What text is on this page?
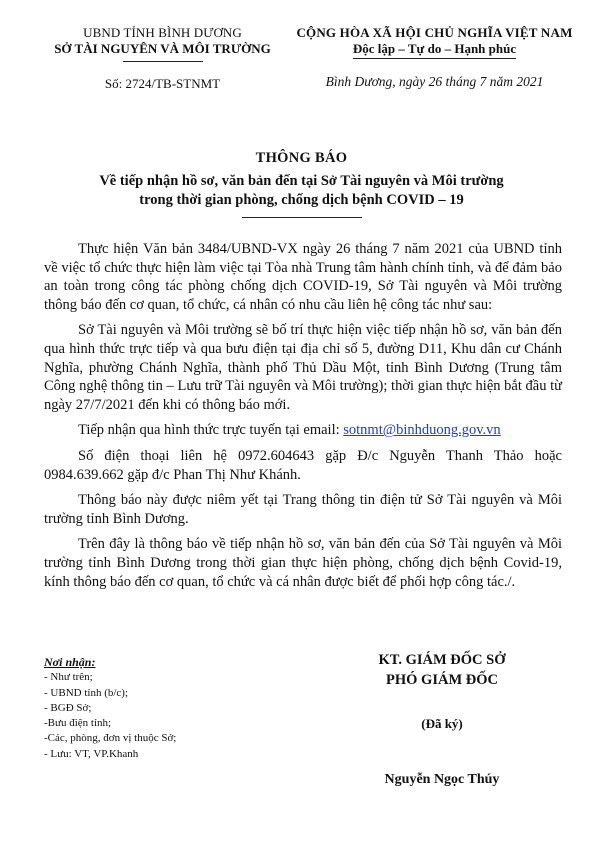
UBND TỈNH BÌNH DƯƠNG
SỞ TÀI NGUYÊN VÀ MÔI TRƯỜNG
Số: 2724/TB-STNMT
CỘNG HÒA XÃ HỘI CHỦ NGHĨA VIỆT NAM
Độc lập – Tự do – Hạnh phúc
Bình Dương, ngày 26 tháng 7 năm 2021
THÔNG BÁO
Về tiếp nhận hồ sơ, văn bản đến tại Sở Tài nguyên và Môi trường
trong thời gian phòng, chống dịch bệnh COVID – 19

Thực hiện Văn bản 3484/UBND-VX ngày 26 tháng 7 năm 2021 của UBND tỉnh về việc tổ chức thực hiện làm việc tại Tòa nhà Trung tâm hành chính tỉnh, và để đảm bảo an toàn trong công tác phòng chống dịch COVID-19, Sở Tài nguyên và Môi trường thông báo đến cơ quan, tổ chức, cá nhân có nhu cầu liên hệ công tác như sau:

Sở Tài nguyên và Môi trường sẽ bố trí thực hiện việc tiếp nhận hồ sơ, văn bản đến qua hình thức trực tiếp và qua bưu điện tại địa chỉ số 5, đường D11, Khu dân cư Chánh Nghĩa, phường Chánh Nghĩa, thành phố Thủ Dầu Một, tỉnh Bình Dương (Trung tâm Công nghệ thông tin – Lưu trữ Tài nguyên và Môi trường); thời gian thực hiện bắt đầu từ ngày 27/7/2021 đến khi có thông báo mới.

Tiếp nhận qua hình thức trực tuyến tại email: sotnmt@binhduong.gov.vn

Số điện thoại liên hệ 0972.604643 gặp Đ/c Nguyễn Thanh Thảo hoặc 0984.639.662 gặp đ/c Phan Thị Như Khánh.

Thông báo này được niêm yết tại Trang thông tin điện tử Sở Tài nguyên và Môi trường tỉnh Bình Dương.

Trên đây là thông báo về tiếp nhận hồ sơ, văn bản đến của Sở Tài nguyên và Môi trường tỉnh Bình Dương trong thời gian thực hiện phòng, chống dịch bệnh Covid-19, kính thông báo đến cơ quan, tổ chức và cá nhân được biết để phối hợp công tác./.

Nơi nhận:
- Như trên;
- UBND tỉnh (b/c);
- BGĐ Sở;
-Bưu điện tỉnh;
-Các, phòng, đơn vị thuộc Sở;
- Lưu: VT, VP.Khanh
KT. GIÁM ĐỐC SỞ
PHÓ GIÁM ĐỐC
(Đã ký)
Nguyễn Ngọc Thúy
